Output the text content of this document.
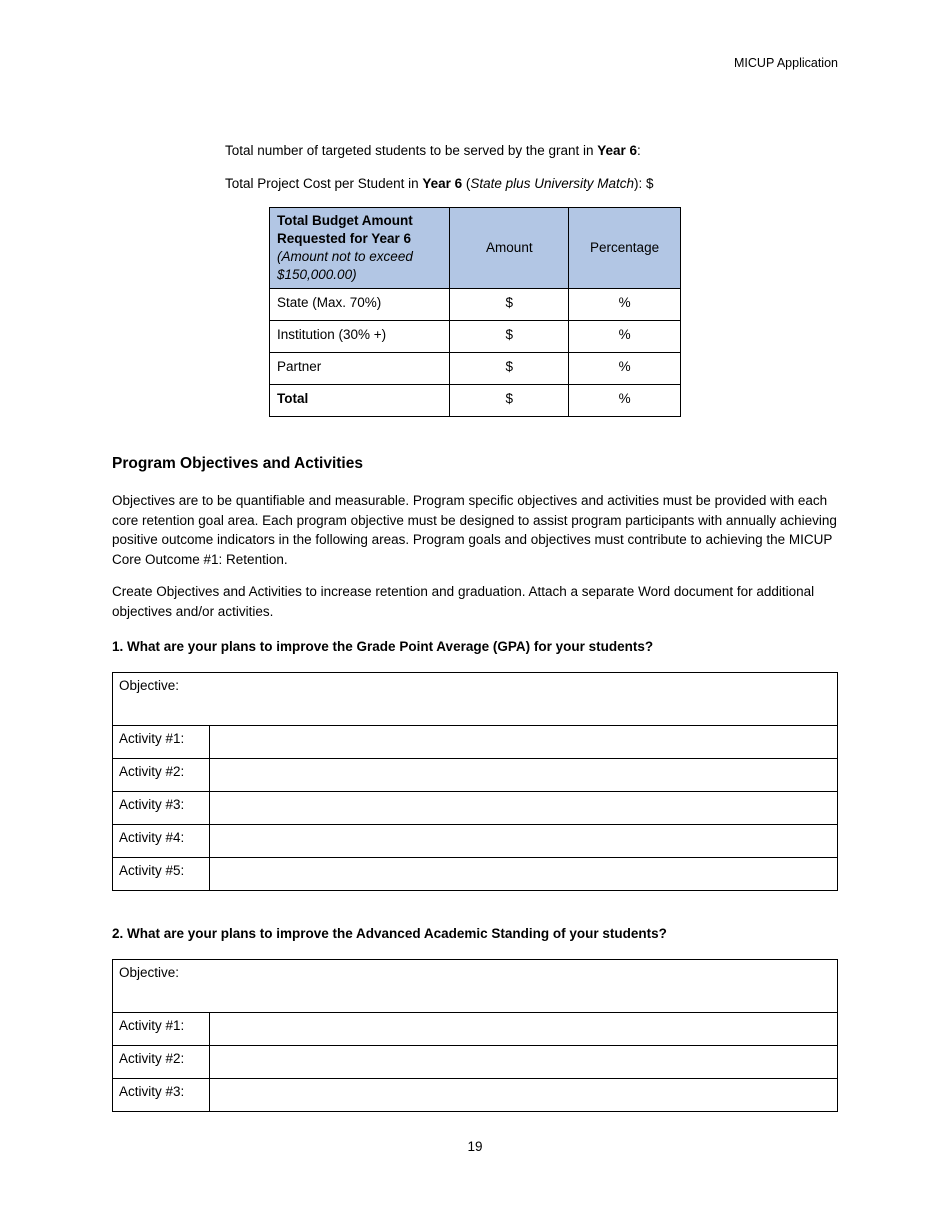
MICUP Application

Total number of targeted students to be served by the grant in Year 6:

Total Project Cost per Student in Year 6 (State plus University Match): $

Total Budget Amount Requested for Year 6 (Amount not to exceed $150,000.00)	Amount	Percentage
State (Max. 70%)	$	%
Institution (30% +)	$	%
Partner	$	%
Total	$	%
Program Objectives and Activities

Objectives are to be quantifiable and measurable. Program specific objectives and activities must be provided with each core retention goal area. Each program objective must be designed to assist program participants with annually achieving positive outcome indicators in the following areas. Program goals and objectives must contribute to achieving the MICUP Core Outcome #1: Retention.

Create Objectives and Activities to increase retention and graduation. Attach a separate Word document for additional objectives and/or activities.

1. What are your plans to improve the Grade Point Average (GPA) for your students?
Objective:	
Activity #1:	
Activity #2:	
Activity #3:	
Activity #4:	
Activity #5:	
2. What are your plans to improve the Advanced Academic Standing of your students?
Objective:	
Activity #1:	
Activity #2:	
Activity #3:	
19
